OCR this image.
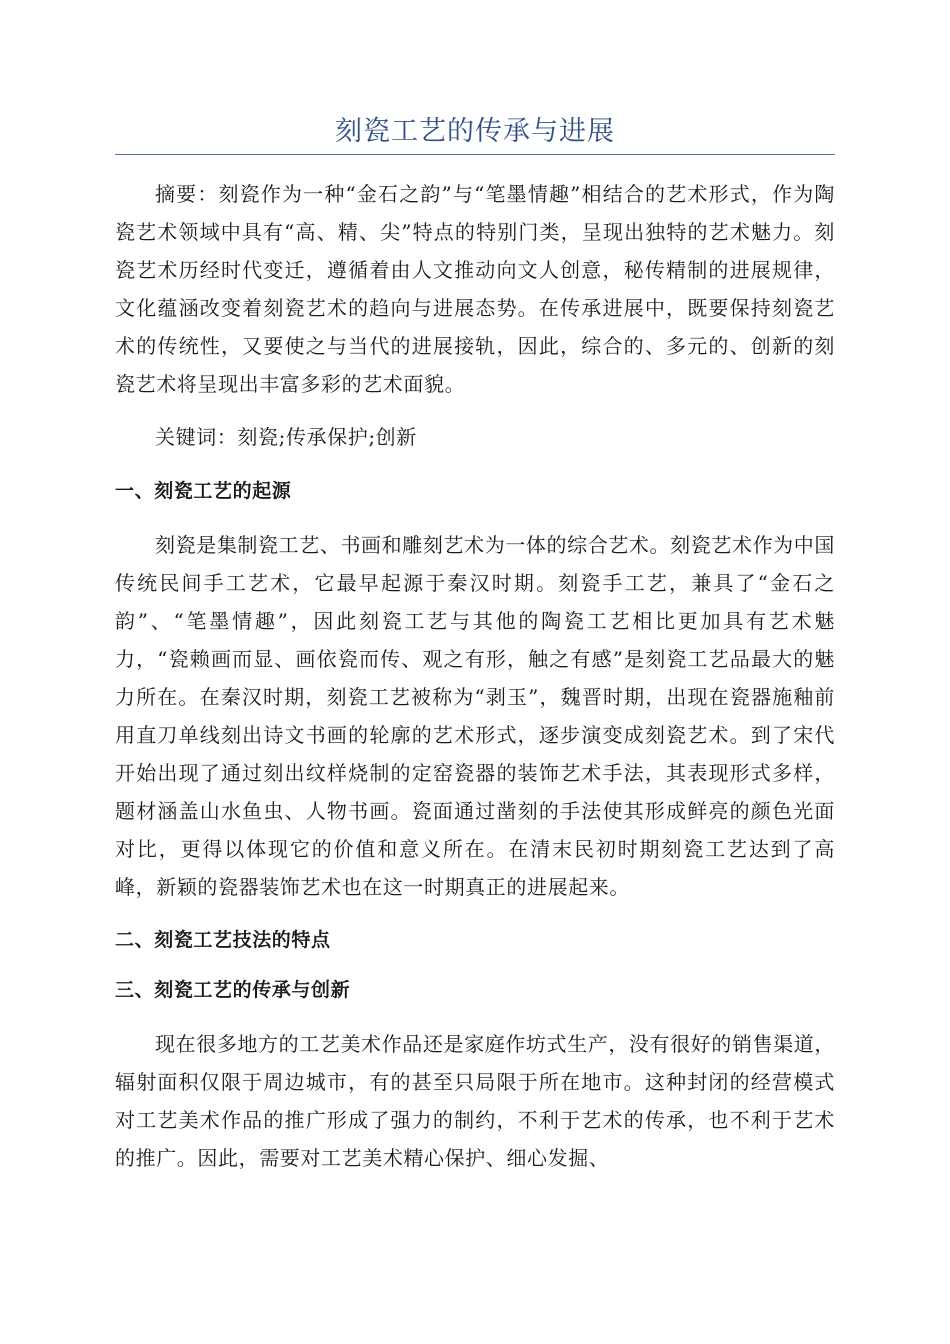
刻瓷工艺的传承与进展

摘要：刻瓷作为一种“金石之韵”与“笔墨情趣”相结合的艺术形式，作为陶瓷艺术领域中具有“高、精、尖”特点的特别门类，呈现出独特的艺术魅力。刻瓷艺术历经时代变迁，遵循着由人文推动向文人创意，秘传精制的进展规律，文化蕴涵改变着刻瓷艺术的趋向与进展态势。在传承进展中，既要保持刻瓷艺术的传统性，又要使之与当代的进展接轨，因此，综合的、多元的、创新的刻瓷艺术将呈现出丰富多彩的艺术面貌。

关键词：刻瓷;传承保护;创新

一、刻瓷工艺的起源

刻瓷是集制瓷工艺、书画和雕刻艺术为一体的综合艺术。刻瓷艺术作为中国传统民间手工艺术，它最早起源于秦汉时期。刻瓷手工艺，兼具了“金石之韵”、“笔墨情趣”，因此刻瓷工艺与其他的陶瓷工艺相比更加具有艺术魅力，“瓷赖画而显、画依瓷而传、观之有形，触之有感”是刻瓷工艺品最大的魅力所在。在秦汉时期，刻瓷工艺被称为“剥玉”，魏晋时期，出现在瓷器施釉前用直刀单线刻出诗文书画的轮廓的艺术形式，逐步演变成刻瓷艺术。到了宋代开始出现了通过刻出纹样烧制的定窑瓷器的装饰艺术手法，其表现形式多样，题材涵盖山水鱼虫、人物书画。瓷面通过凿刻的手法使其形成鲜亮的颜色光面对比，更得以体现它的价值和意义所在。在清末民初时期刻瓷工艺达到了高峰，新颖的瓷器装饰艺术也在这一时期真正的进展起来。

二、刻瓷工艺技法的特点
三、刻瓷工艺的传承与创新

现在很多地方的工艺美术作品还是家庭作坊式生产，没有很好的销售渠道，辐射面积仅限于周边城市，有的甚至只局限于所在地市。这种封闭的经营模式对工艺美术作品的推广形成了强力的制约，不利于艺术的传承，也不利于艺术的推广。因此，需要对工艺美术精心保护、细心发掘、
